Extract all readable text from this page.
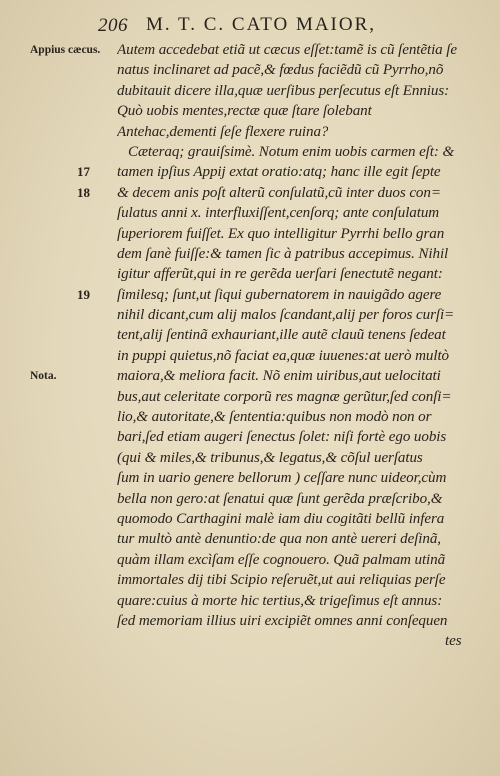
206 M. T. C. CATO MAIOR,
Appius cæcus. Autem accedebat etiã ut cæcus eſſet:tamẽ is cũ ſentẽtia ſe
natus inclinaret ad pacẽ,& fœdus faciẽdũ cũ Pyrrho,nõ
dubitauit dicere illa,quæ uerſibus perſecutus eſt Ennius:
Quò uobis mentes,rectæ quæ ſtare ſolebant
Antehac,dementi ſeſe flexere ruina?
Cæteraq; grauiſsimè. Notum enim uobis carmen eſt: &
17 tamen ipſius Appij extat oratio:atq; hanc ille egit ſepte
18 & decem anis poſt alterũ conſulatũ,cũ inter duos con=
ſulatus anni x. interfluxiſſent,cenſorq; ante conſulatum
ſuperiorem fuiſſet. Ex quo intelligitur Pyrrhi bello gran
dem ſanè fuiſſe:& tamen ſic à patribus accepimus. Nihil
igitur afferũt,qui in re gerẽda uerſari ſenectutẽ negant:
19 ſimilesq; ſunt,ut ſiqui gubernatorem in nauigãdo agere
nihil dicant,cum alij malos ſcandant,alij per foros curſi=
tent,alij ſentinã exhauriant,ille autẽ clauũ tenens ſedeat
in puppi quietus,nõ faciat ea,quæ iuuenes:at uerò multò
Nota.	maiora,& meliora facit. Nõ enim uiribus,aut uelocitati
bus,aut celeritate corporũ res magnæ gerũtur,ſed conſi=
lio,& autoritate,& ſententia:quibus non modò non or
bari,ſed etiam augeri ſenectus ſolet: niſi fortè ego uobis
(qui & miles,& tribunus,& legatus,& cõſul uerſatus
ſum in uario genere bellorum ) ceſſare nunc uideor,cùm
bella non gero:at ſenatui quæ ſunt gerẽda præſcribo,&
quomodo Carthagini malè iam diu cogitãti bellũ infera
tur multò antè denuntio:de qua non antè uereri deſinã,
quàm illam excìſam eſſe cognouero. Quã palmam utinã
immortales dij tibi Scipio reſeruẽt,ut aui reliquias perſe
quare:cuius à morte hic tertius,& trigeſimus eſt annus:
ſed memoriam illius uiri excipiẽt omnes anni conſequen
tes
